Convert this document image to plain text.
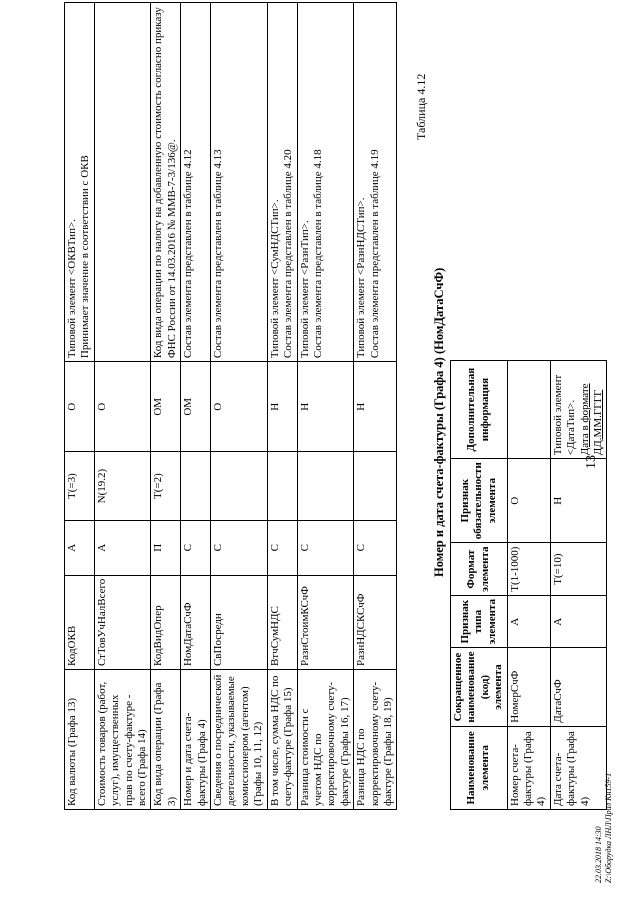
13
Код валюты (Графа 13)	КодОКВ	А	Т(=3)	О	Типовой элемент <ОКВТип>. Принимает значение в соответствии с ОКВ

Стоимость товаров (работ, услуг), имущественных прав по счету-фактуре - всего (Графа 14)	СтТовУчНалВсего	А	N(19.2)	О	
Код вида операции (Графа 3)	КодВидОпер	П	Т(=2)	ОМ	Код вида операции по налогу на добавленную стоимость согласно приказу ФНС России от 14.03.2016 № ММВ-7-3/136@.

Номер и дата счета-фактуры (Графа 4)	НомДатаСчФ	С		ОМ	Состав элемента представлен в таблице 4.12

Сведения о посреднической деятельности, указываемые комиссионером (агентом) (Графы 10, 11, 12)	СвПосредн	С		О	Состав элемента представлен в таблице 4.13

В том числе, сумма НДС по счету-фактуре (Графа 15)	ВтчСумНДС	С		Н	Типовой элемент <СумНДСТип>. Состав элемента представлен в таблице 4.20

Разница стоимости с учетом НДС по корректировочному счету-фактуре (Графы 16, 17)	РазнСтоимКСчФ	С		Н	Типовой элемент <РазнТип>. Состав элемента представлен в таблице 4.18

Разница НДС по корректировочному счету-фактуре (Графы 18, 19)	РазнНДСКСчФ	С		Н	Типовой элемент <РазнНДСТип>. Состав элемента представлен в таблице 4.19
Таблица 4.12
Номер и дата счета-фактуры (Графа 4) (НомДатаСчФ)
Наименование элемента	Сокращенное наименование (код) элемента	Признак типа элемента	Формат элемента	Признак обязательности элемента	Дополнительная информация
Номер счета-фактуры (Графа 4)	НомерСчФ	А	Т(1-1000)	О	
Дата счета-фактуры (Графа 4)	ДатаСчФ	А	Т(=10)	Н	Типовой элемент <ДатаТип>. Дата в формате ДД.ММ.ГГГГ
22.03.2018 14:30 Z:\Оборудка ЛНЛ\Прил Кн159-1
